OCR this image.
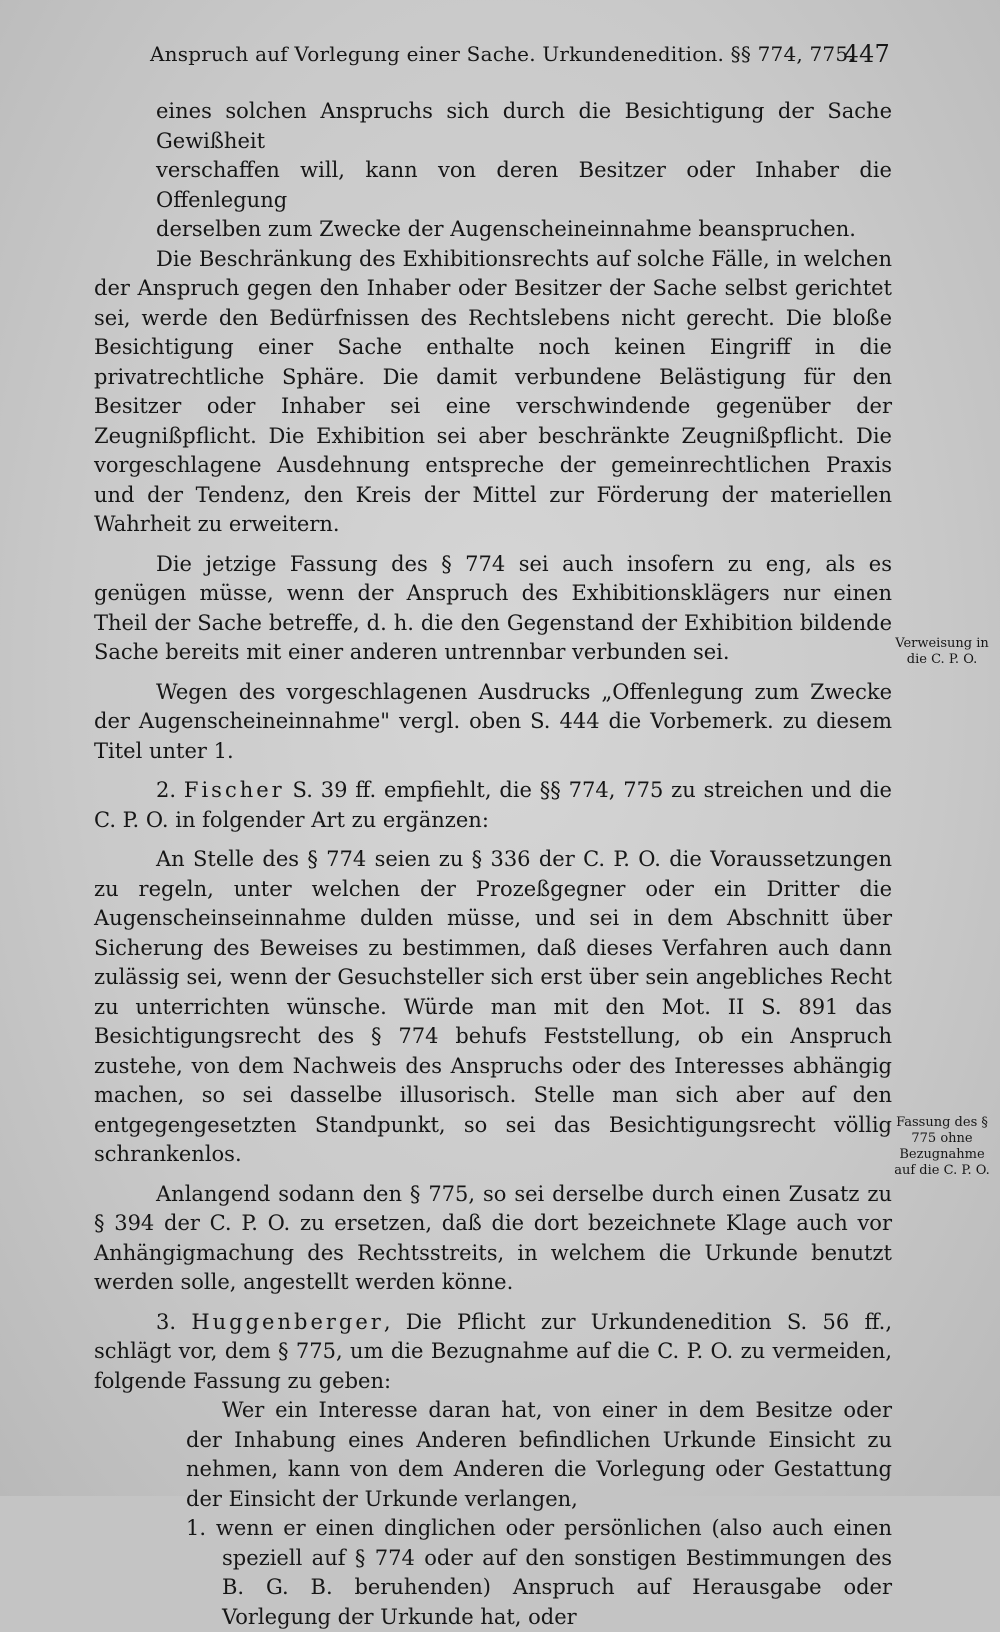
Anspruch auf Vorlegung einer Sache. Urkundenedition. §§ 774, 775.
447

eines solchen Anspruchs sich durch die Besichtigung der Sache Gewißheit

verschaffen will, kann von deren Besitzer oder Inhaber die Offenlegung

derselben zum Zwecke der Augenscheineinnahme beanspruchen.

Die Beschränkung des Exhibitionsrechts auf solche Fälle, in welchen der Anspruch gegen den Inhaber oder Besitzer der Sache selbst gerichtet sei, werde den Bedürfnissen des Rechtslebens nicht gerecht. Die bloße Besichtigung einer Sache enthalte noch keinen Eingriff in die privatrechtliche Sphäre. Die damit verbundene Belästigung für den Besitzer oder Inhaber sei eine verschwindende gegenüber der Zeugnißpflicht. Die Exhibition sei aber beschränkte Zeugnißpflicht. Die vorgeschlagene Ausdehnung entspreche der gemeinrechtlichen Praxis und der Tendenz, den Kreis der Mittel zur Förderung der materiellen Wahrheit zu erweitern.

Die jetzige Fassung des § 774 sei auch insofern zu eng, als es genügen müsse, wenn der Anspruch des Exhibitionsklägers nur einen Theil der Sache betreffe, d. h. die den Gegenstand der Exhibition bildende Sache bereits mit einer anderen untrennbar verbunden sei.

Wegen des vorgeschlagenen Ausdrucks „Offenlegung zum Zwecke der Augenscheineinnahme" vergl. oben S. 444 die Vorbemerk. zu diesem Titel unter 1.

2. Fischer S. 39 ff. empfiehlt, die §§ 774, 775 zu streichen und die C. P. O. in folgender Art zu ergänzen:

An Stelle des § 774 seien zu § 336 der C. P. O. die Voraussetzungen zu regeln, unter welchen der Prozeßgegner oder ein Dritter die Augenscheinseinnahme dulden müsse, und sei in dem Abschnitt über Sicherung des Beweises zu bestimmen, daß dieses Verfahren auch dann zulässig sei, wenn der Gesuchsteller sich erst über sein angebliches Recht zu unterrichten wünsche. Würde man mit den Mot. II S. 891 das Besichtigungsrecht des § 774 behufs Feststellung, ob ein Anspruch zustehe, von dem Nachweis des Anspruchs oder des Interesses abhängig machen, so sei dasselbe illusorisch. Stelle man sich aber auf den entgegengesetzten Standpunkt, so sei das Besichtigungsrecht völlig schrankenlos.

Anlangend sodann den § 775, so sei derselbe durch einen Zusatz zu § 394 der C. P. O. zu ersetzen, daß die dort bezeichnete Klage auch vor Anhängigmachung des Rechtsstreits, in welchem die Urkunde benutzt werden solle, angestellt werden könne.

3. Huggenberger, Die Pflicht zur Urkundenedition S. 56 ff., schlägt vor, dem § 775, um die Bezugnahme auf die C. P. O. zu vermeiden, folgende Fassung zu geben:

Wer ein Interesse daran hat, von einer in dem Besitze oder der Inhabung eines Anderen befindlichen Urkunde Einsicht zu nehmen, kann von dem Anderen die Vorlegung oder Gestattung der Einsicht der Urkunde verlangen,

1. wenn er einen dinglichen oder persönlichen (also auch einen speziell auf § 774 oder auf den sonstigen Bestimmungen des B. G. B. beruhenden) Anspruch auf Herausgabe oder Vorlegung der Urkunde hat, oder

Verweisung in die C. P. O.
Fassung des § 775 ohne Bezugnahme auf die C. P. O.
